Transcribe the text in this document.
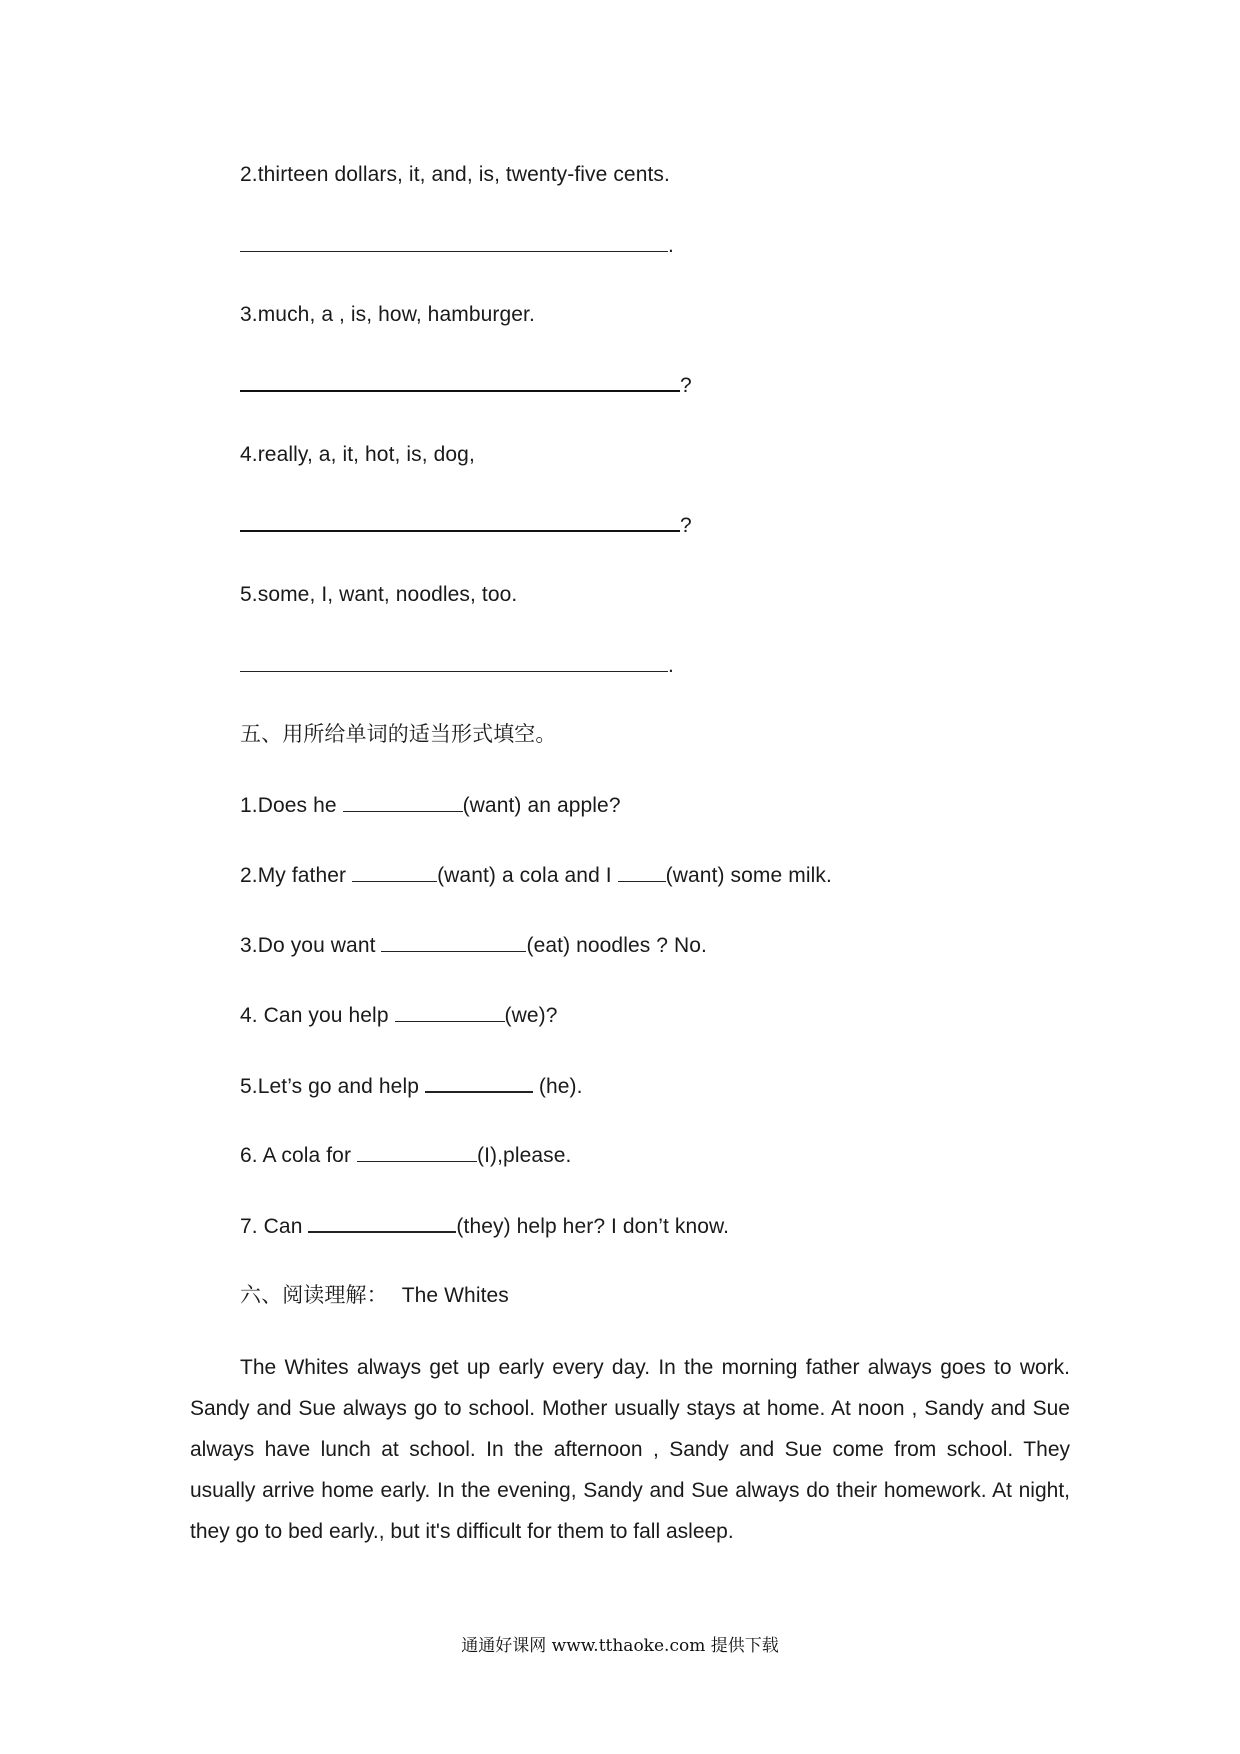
2.thirteen dollars, it, and, is, twenty-five cents.
.
3.much, a , is, how, hamburger.
?
4.really, a, it, hot, is, dog,
?
5.some, I, want, noodles, too.
.
五、用所给单词的适当形式填空。
1.Does he	(want) an apple?
2.My father	(want) a cola and I (want) some milk.
3.Do you want	(eat) noodles ? No.
4. Can you help	(we)?
5.Let’s go and help	(he).
6. A cola for	(I),please.
7. Can	(they) help her? I don’t know.
六、阅读理解： The Whites
The Whites always get up early every day. In the morning father always goes to work. Sandy and Sue always go to school. Mother usually stays at home. At noon , Sandy and Sue always have lunch at school. In the afternoon , Sandy and Sue come from school. They usually arrive home early. In the evening, Sandy and Sue always do their homework. At night, they go to bed early., but it's difficult for them to fall asleep.
通通好课网 www.tthaoke.com 提供下载
